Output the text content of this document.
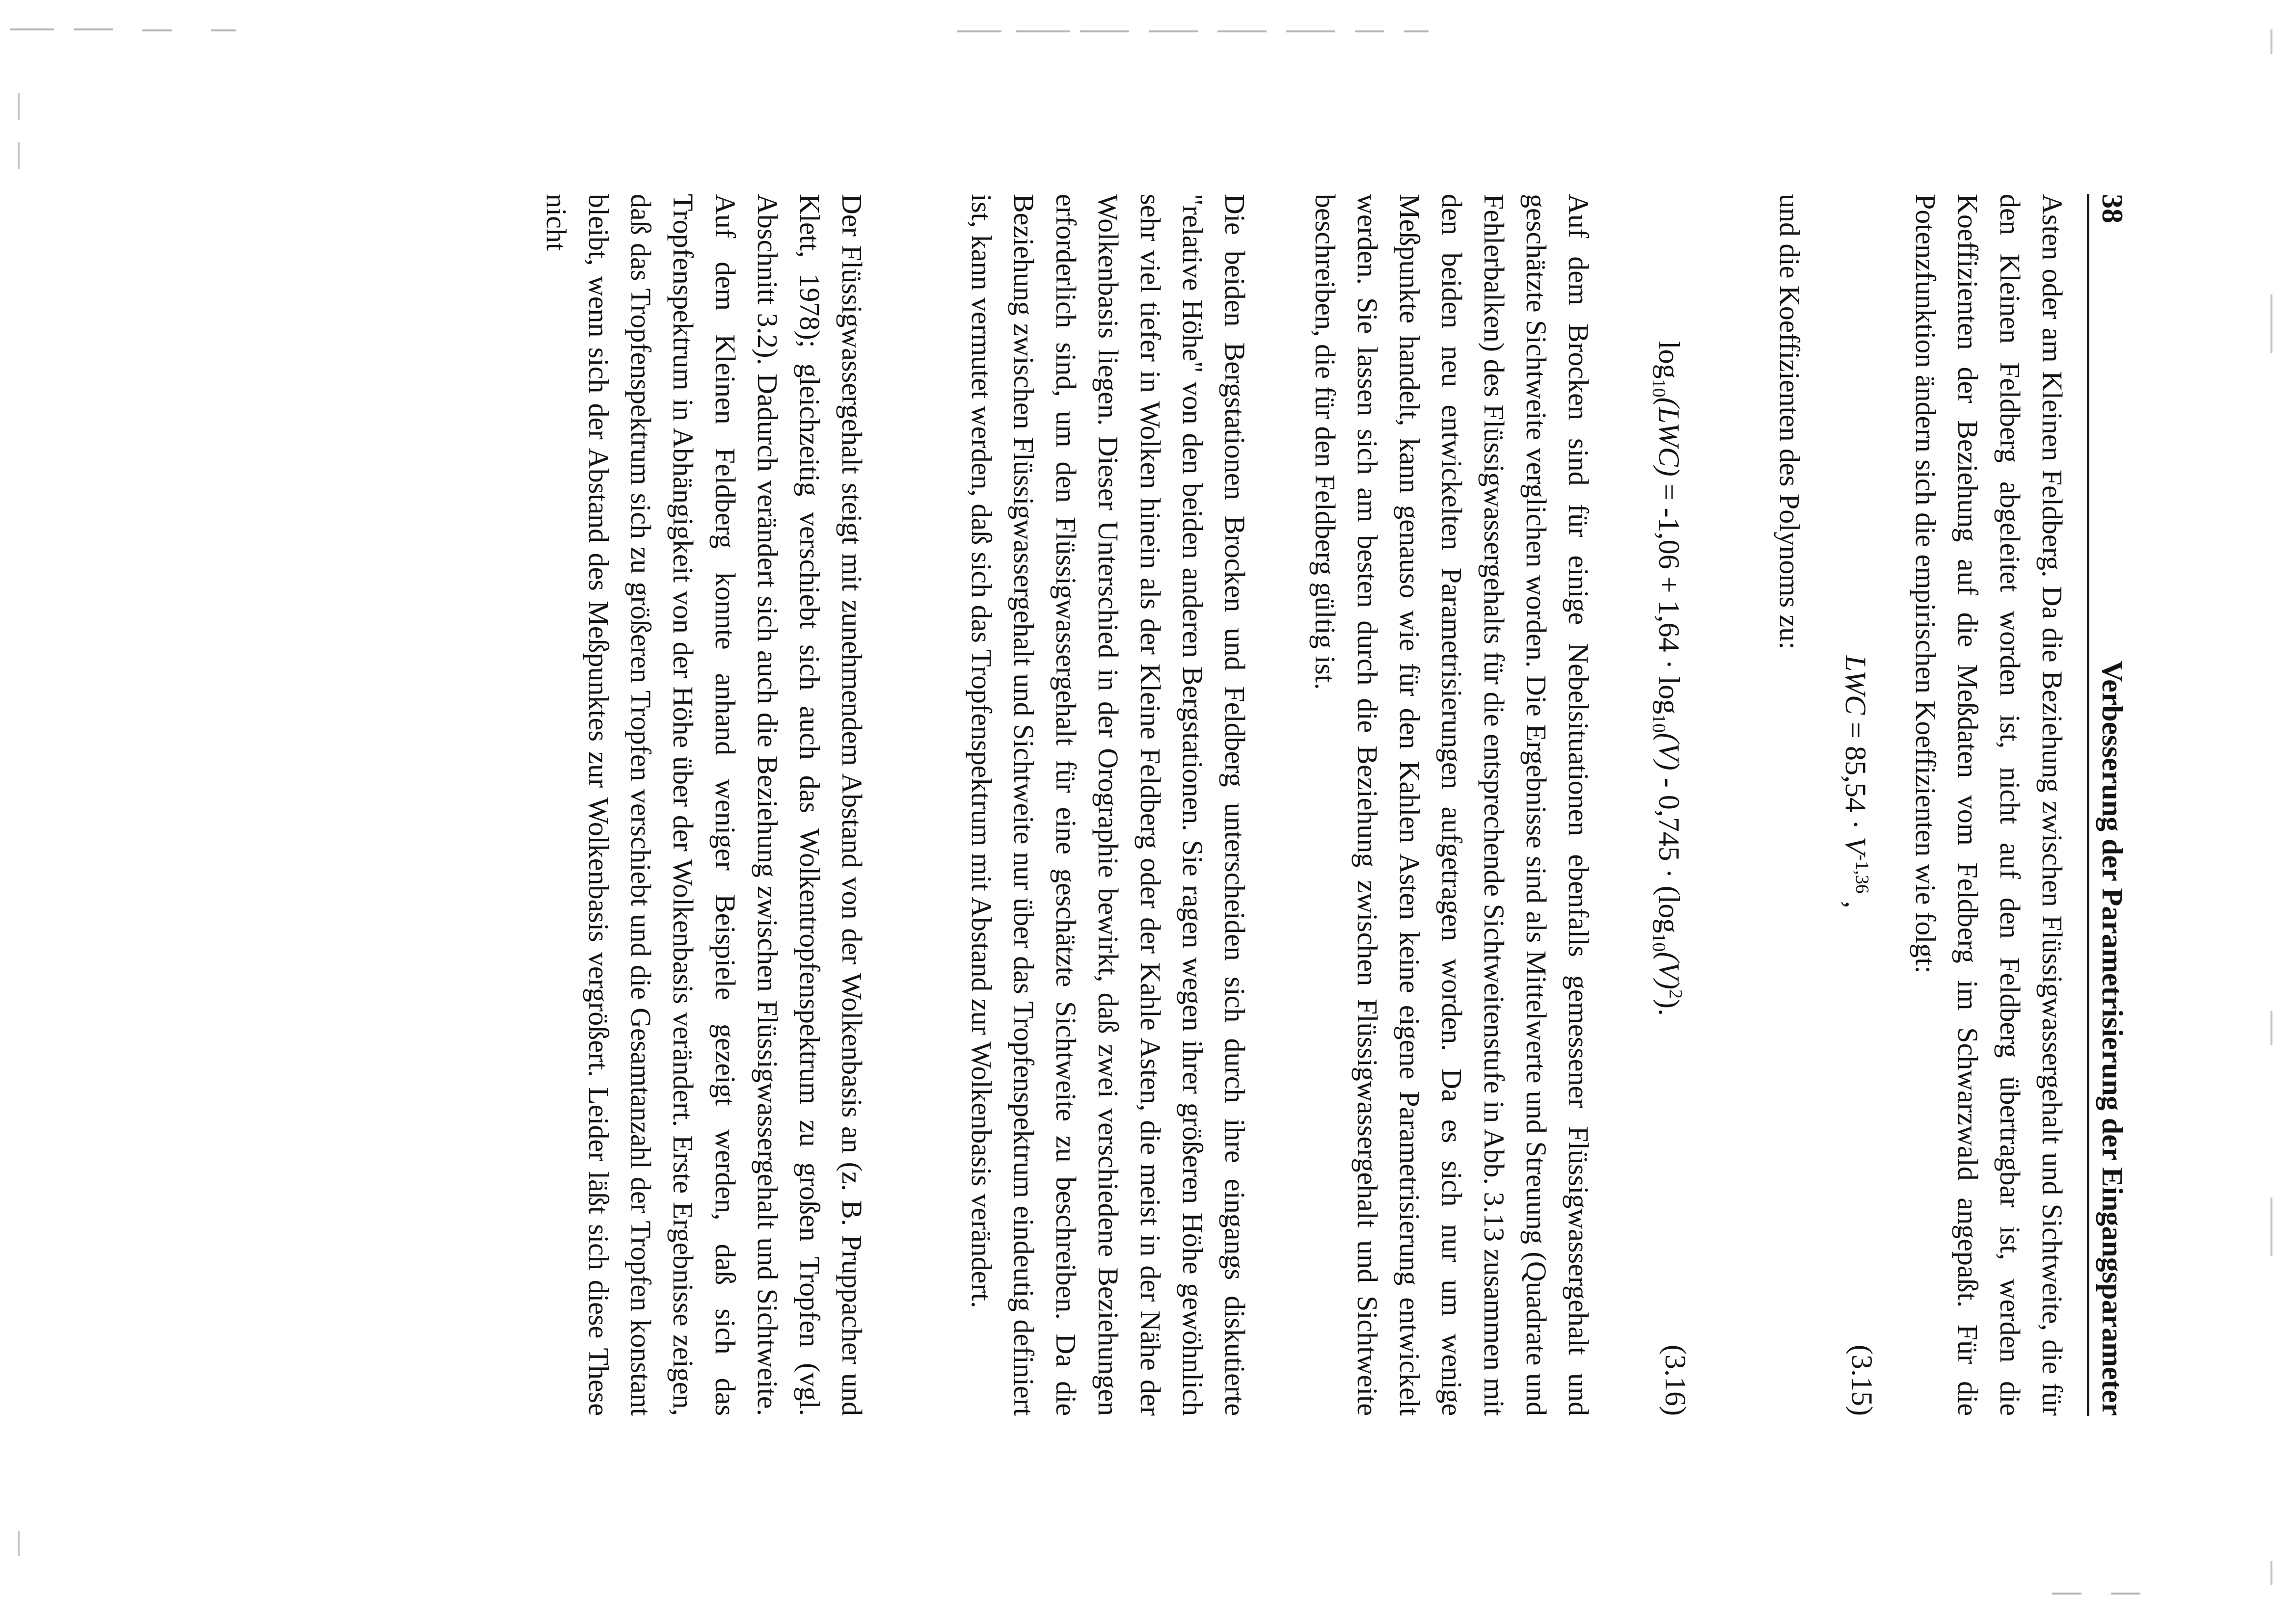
38
Verbesserung der Parametrisierung der Eingangsparameter

Asten oder am Kleinen Feldberg. Da die Beziehung zwischen Flüssigwassergehalt und Sichtweite, die für den Kleinen Feldberg abgeleitet worden ist, nicht auf den Feldberg übertragbar ist, werden die Koeffizienten der Beziehung auf die Meßdaten vom Feldberg im Schwarzwald angepaßt. Für die Potenzfunktion ändern sich die empirischen Koeffizienten wie folgt:

LWC = $85,54 \cdot V^{-1,36}$ ,
(3.15)

und die Koeffizienten des Polynoms zu:

$\log_{10}(LWC) = -1,06 + 1,64 \cdot \log_{10}(V) - 0,745 \cdot (\log_{10}(V)^2)$.
(3.16)

Auf dem Brocken sind für einige Nebelsituationen ebenfalls gemessener Flüssigwassergehalt und geschätzte Sichtweite verglichen worden. Die Ergebnisse sind als Mittelwerte und Streuung (Quadrate und Fehlerbalken) des Flüssigwassergehalts für die entsprechende Sichtweitenstufe in Abb. 3.13 zusammen mit den beiden neu entwickelten Parametrisierungen aufgetragen worden. Da es sich nur um wenige Meßpunkte handelt, kann genauso wie für den Kahlen Asten keine eigene Parametrisierung entwickelt werden. Sie lassen sich am besten durch die Beziehung zwischen Flüssigwassergehalt und Sichtweite beschreiben, die für den Feldberg gültig ist.

Die beiden Bergstationen Brocken und Feldberg unterscheiden sich durch ihre eingangs diskutierte "relative Höhe" von den beiden anderen Bergstationen. Sie ragen wegen ihrer größeren Höhe gewöhnlich sehr viel tiefer in Wolken hinein als der Kleine Feldberg oder der Kahle Asten, die meist in der Nähe der Wolkenbasis liegen. Dieser Unterschied in der Orographie bewirkt, daß zwei verschiedene Beziehungen erforderlich sind, um den Flüssigwassergehalt für eine geschätzte Sichtweite zu beschreiben. Da die Beziehung zwischen Flüssigwassergehalt und Sichtweite nur über das Tropfenspektrum eindeutig definiert ist, kann vermutet werden, daß sich das Tropfenspektrum mit Abstand zur Wolkenbasis verändert.

Der Flüssigwassergehalt steigt mit zunehmendem Abstand von der Wolkenbasis an (z. B. Pruppacher und Klett, 1978); gleichzeitig verschiebt sich auch das Wolkentropfenspektrum zu großen Tropfen (vgl. Abschnitt 3.2). Dadurch verändert sich auch die Beziehung zwischen Flüssigwassergehalt und Sichtweite. Auf dem Kleinen Feldberg konnte anhand weniger Beispiele gezeigt werden, daß sich das Tropfenspektrum in Abhängigkeit von der Höhe über der Wolkenbasis verändert. Erste Ergebnisse zeigen, daß das Tropfenspektrum sich zu größeren Tropfen verschiebt und die Gesamtanzahl der Tropfen konstant bleibt, wenn sich der Abstand des Meßpunktes zur Wolkenbasis vergrößert. Leider läßt sich diese These nicht
